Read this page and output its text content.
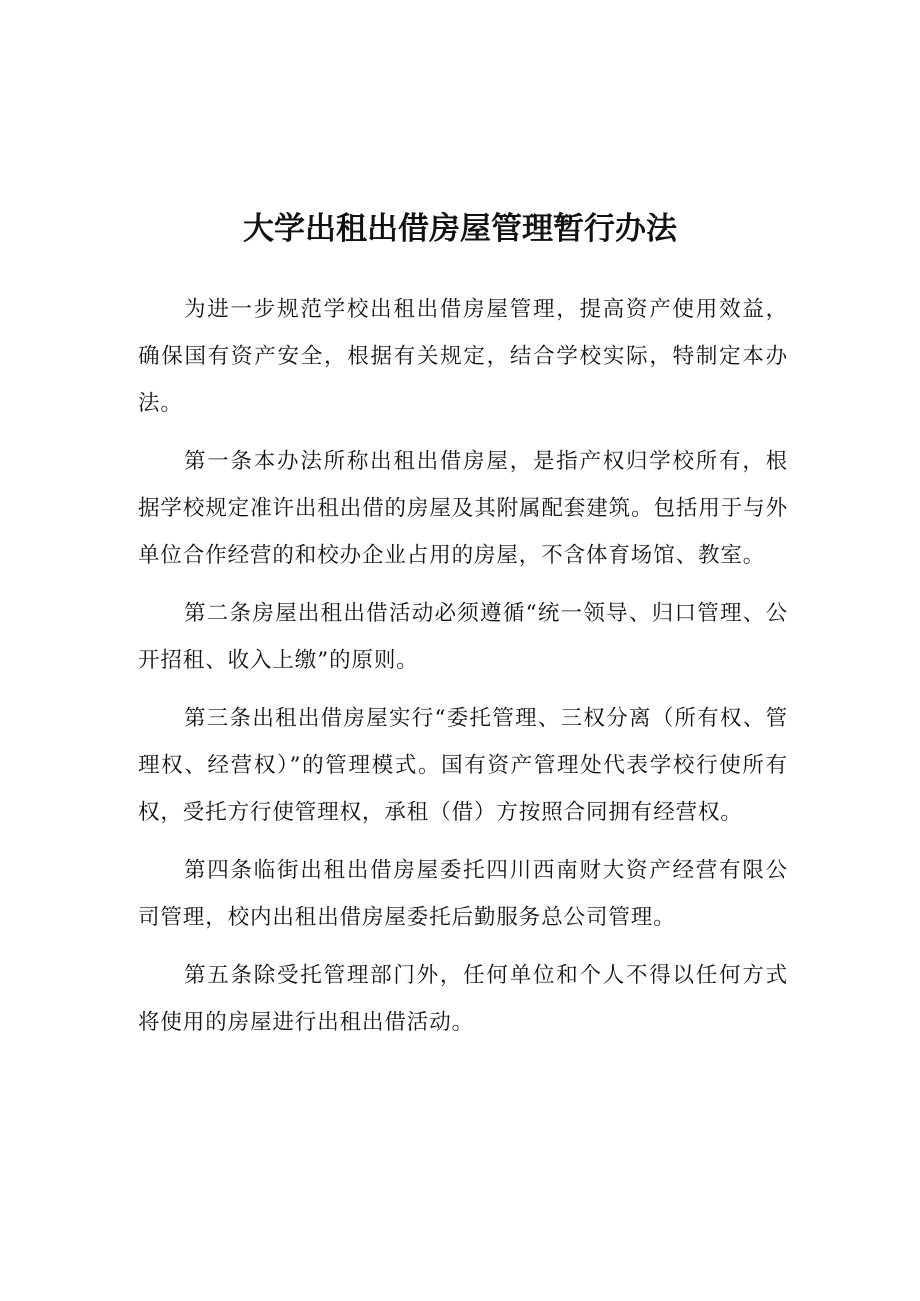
大学出租出借房屋管理暂行办法

为进一步规范学校出租出借房屋管理，提高资产使用效益，确保国有资产安全，根据有关规定，结合学校实际，特制定本办法。

第一条本办法所称出租出借房屋，是指产权归学校所有，根据学校规定准许出租出借的房屋及其附属配套建筑。包括用于与外单位合作经营的和校办企业占用的房屋，不含体育场馆、教室。

第二条房屋出租出借活动必须遵循“统一领导、归口管理、公开招租、收入上缴”的原则。

第三条出租出借房屋实行“委托管理、三权分离（所有权、管理权、经营权）”的管理模式。国有资产管理处代表学校行使所有权，受托方行使管理权，承租（借）方按照合同拥有经营权。

第四条临街出租出借房屋委托四川西南财大资产经营有限公司管理，校内出租出借房屋委托后勤服务总公司管理。

第五条除受托管理部门外，任何单位和个人不得以任何方式将使用的房屋进行出租出借活动。
